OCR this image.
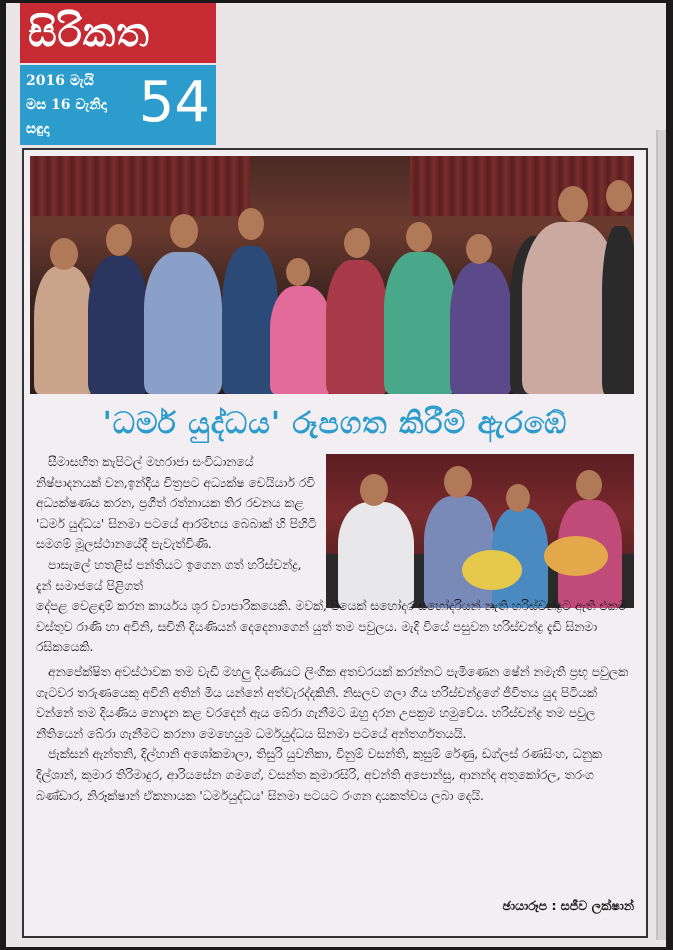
සිරිකත
2016 මැයි
මස 16 වැනිදා
සඳුදා 54
'ධර්ම යුද්ධය' රූපගත කිරීම් ඇරඹේ

සීමාසහිත කැපිටල් මහරාජා සංවිධානයේ නිෂ්පාදනයක් වන,ඉන්දීය චිත්‍රපට අධ්‍යක්ෂ චෙයියාර් රවි අධ්‍යක්ෂණය කරන, ප්‍රගීත් රත්නායක තිර රචනය කළ 'ධර්ම යුද්ධය' සිනමා පටයේ ආරම්භය බෙබාක් හි පිහිටි සමගම් මූලස්ථානයේදී පැවැත්විණි.

පාසැලේ හතළිස් පන්තියට ඉගෙන ගත් හරිස්චන්ද්‍ර, දැන් සමාජයේ පිළිගත්

දේපළ වෙළඳාම් කරන කාර්යය ශූර ව්‍යාපාරිකයෙකි. මවක්, පියෙක් සහෝදර සහෝදරියන් නැති හරිස්චන්ද්‍රට ඇති එකම වස්තුව රාණි හා අවිනි, සචිනි දියණියන් දෙදෙනාගෙන් යුත් තම පවුලය. මැදි වියේ පසුවන හරිස්චන්ද්‍ර දැඩි සිනමා රසිකයෙකි.

අනපේක්ෂිත අවස්ථාවක තම වැඩි මහලු දියණියට ලිංගික අතවරයක් කරන්නට පැමිණෙන ෂේන් නමැති ප්‍රභූ පවුලක ගැටවර තරුණයෙකු අවිනි අතින් මිය යන්නේ අත්වැරද්දකිනි. නිසලව ගලා ගිය හරිස්චන්ද්‍රගේ ජීවිතය යුද පිටියක් වන්නේ තම දියණිය නොදැන කළ වරදෙන් ඇය බේරා ගැනීමට ඔහු දරන උපක්‍රම හමුවේය. හරිස්චන්ද්‍ර තම පවුල නීතියෙන් බේරා ගැනීමට කරනා මෙහෙයුම ධර්මයුද්ධය සිනමා පටයේ අන්තර්ගතයයි.

ජැක්සන් ඇන්තනි, දිල්හානි අශෝකමාලා, තිසුරි යුවනිකා, විනුම් වසන්ති, කුසුම් රේණු, ඩග්ලස් රණසිංහ, ධනුක දිල්ශාන්, කුමාර තිරිමාදුර, ආරියසේන ගමගේ, වසන්ත කුමාරසිරි, අවන්ති අපොන්සු, ආනන්ද අතුකෝරල, තරංග බණ්ඩාර, නිරූක්ෂාන් ඒකනායක 'ධර්මයුද්ධය' සිනමා පටයට රංගන දායකත්වය ලබා දෙයි.

ඡායාරූප : සජීව ලක්ෂාන්
